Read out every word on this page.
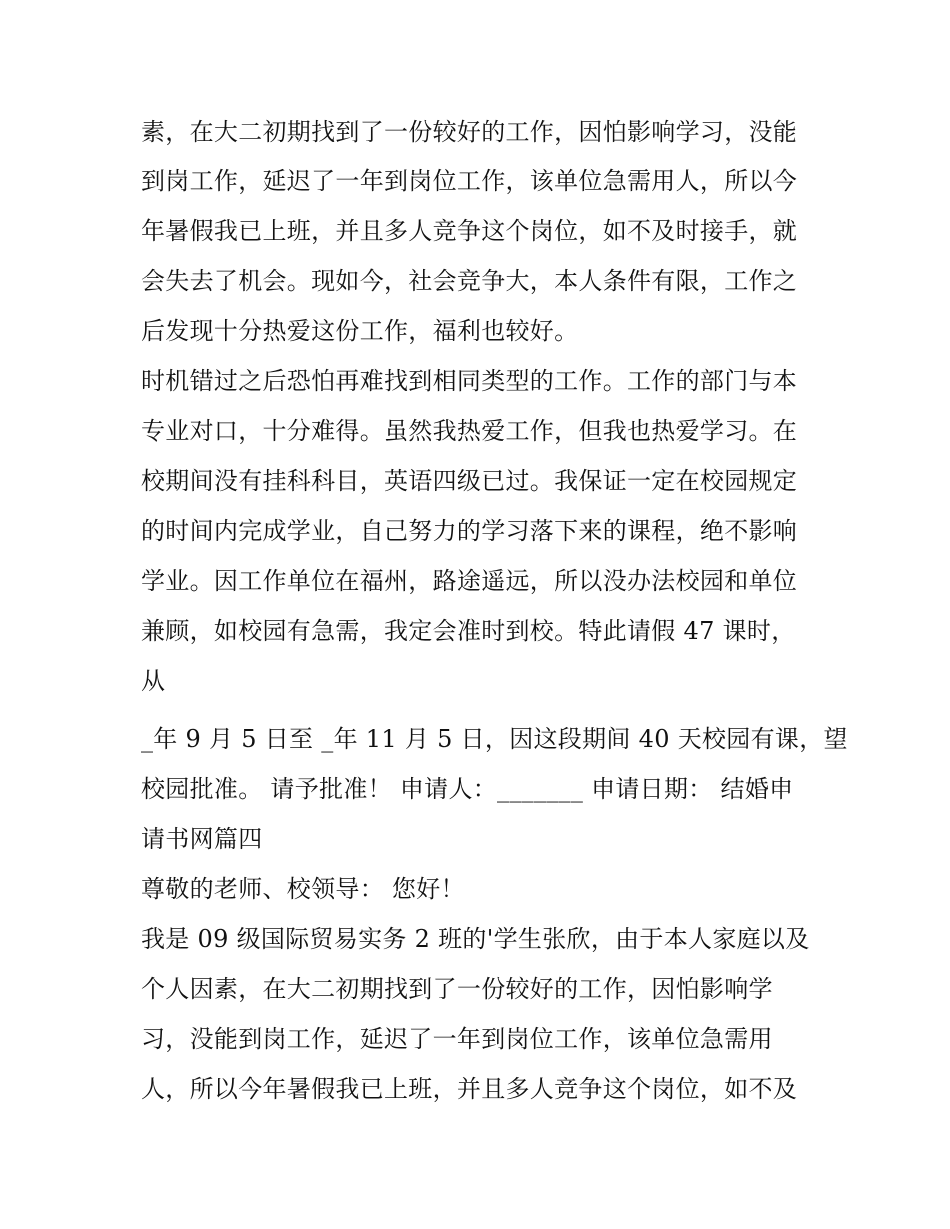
素，在大二初期找到了一份较好的工作，因怕影响学习，没能
到岗工作，延迟了一年到岗位工作，该单位急需用人，所以今
年暑假我已上班，并且多人竞争这个岗位，如不及时接手，就
会失去了机会。现如今，社会竞争大，本人条件有限，工作之
后发现十分热爱这份工作，福利也较好。
时机错过之后恐怕再难找到相同类型的工作。工作的部门与本
专业对口，十分难得。虽然我热爱工作，但我也热爱学习。在
校期间没有挂科科目，英语四级已过。我保证一定在校园规定
的时间内完成学业，自己努力的学习落下来的课程，绝不影响
学业。因工作单位在福州，路途遥远，所以没办法校园和单位
兼顾，如校园有急需，我定会准时到校。特此请假 47 课时，
从
_年 9 月 5 日至 _年 11 月 5 日，因这段期间 40 天校园有课，望
校园批准。 请予批准！ 申请人：_______ 申请日期： 结婚申
请书网篇四
尊敬的老师、校领导： 您好！
我是 09 级国际贸易实务 2 班的'学生张欣，由于本人家庭以及
个人因素，在大二初期找到了一份较好的工作，因怕影响学
习，没能到岗工作，延迟了一年到岗位工作，该单位急需用
人，所以今年暑假我已上班，并且多人竞争这个岗位，如不及
